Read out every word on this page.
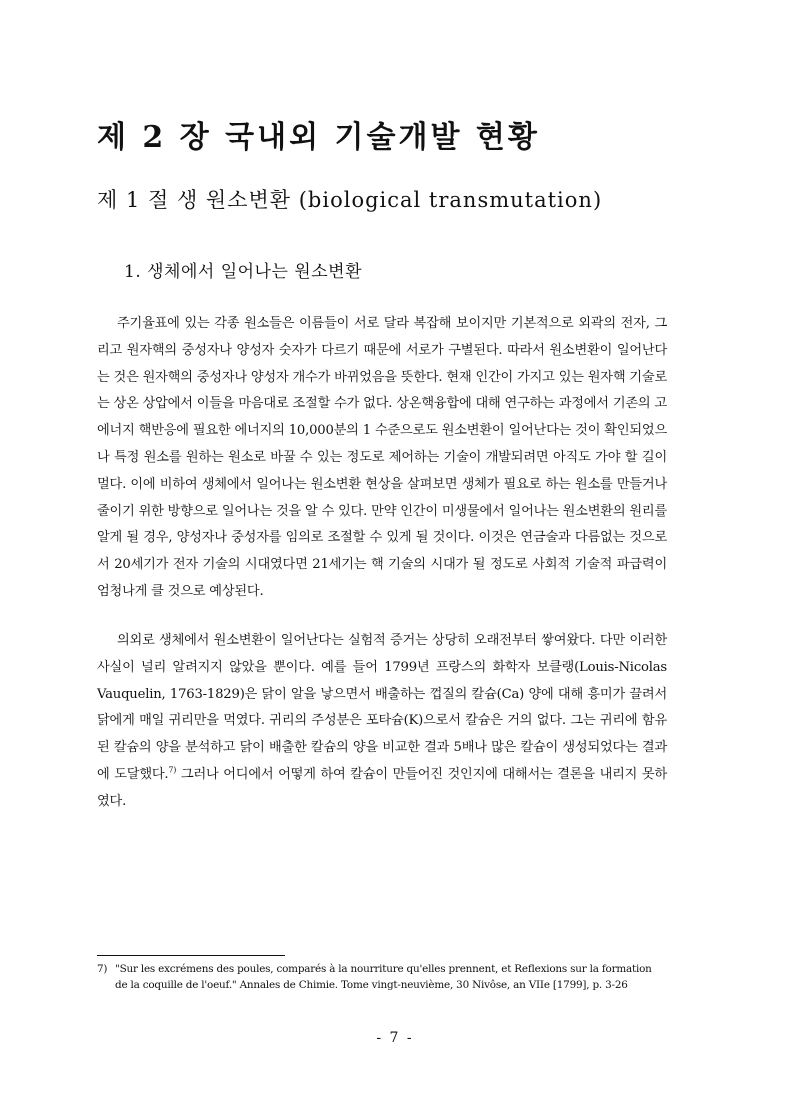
제 2 장 국내외 기술개발 현황
제 1 절 생 원소변환 (biological transmutation)
1. 생체에서 일어나는 원소변환

주기율표에 있는 각종 원소들은 이름들이 서로 달라 복잡해 보이지만 기본적으로 외곽의 전자, 그리고 원자핵의 중성자나 양성자 숫자가 다르기 때문에 서로가 구별된다. 따라서 원소변환이 일어난다는 것은 원자핵의 중성자나 양성자 개수가 바뀌었음을 뜻한다. 현재 인간이 가지고 있는 원자핵 기술로는 상온 상압에서 이들을 마음대로 조절할 수가 없다. 상온핵융합에 대해 연구하는 과정에서 기존의 고에너지 핵반응에 필요한 에너지의 10,000분의 1 수준으로도 원소변환이 일어난다는 것이 확인되었으나 특정 원소를 원하는 원소로 바꿀 수 있는 정도로 제어하는 기술이 개발되려면 아직도 가야 할 길이 멀다. 이에 비하여 생체에서 일어나는 원소변환 현상을 살펴보면 생체가 필요로 하는 원소를 만들거나 줄이기 위한 방향으로 일어나는 것을 알 수 있다. 만약 인간이 미생물에서 일어나는 원소변환의 원리를 알게 될 경우, 양성자나 중성자를 임의로 조절할 수 있게 될 것이다. 이것은 연금술과 다름없는 것으로서 20세기가 전자 기술의 시대였다면 21세기는 핵 기술의 시대가 될 정도로 사회적 기술적 파급력이 엄청나게 클 것으로 예상된다.

의외로 생체에서 원소변환이 일어난다는 실험적 증거는 상당히 오래전부터 쌓여왔다. 다만 이러한 사실이 널리 알려지지 않았을 뿐이다. 예를 들어 1799년 프랑스의 화학자 보클랭(Louis-Nicolas Vauquelin, 1763-1829)은 닭이 알을 낳으면서 배출하는 껍질의 칼슘(Ca) 양에 대해 흥미가 끌려서 닭에게 매일 귀리만을 먹였다. 귀리의 주성분은 포타슘(K)으로서 칼슘은 거의 없다. 그는 귀리에 함유된 칼슘의 양을 분석하고 닭이 배출한 칼슘의 양을 비교한 결과 5배나 많은 칼슘이 생성되었다는 결과에 도달했다.$^{7)}$ 그러나 어디에서 어떻게 하여 칼슘이 만들어진 것인지에 대해서는 결론을 내리지 못하였다.

7) "Sur les excrémens des poules, comparés à la nourriture qu'elles prennent, et Reflexions sur la formation de la coquille de l'oeuf." Annales de Chimie. Tome vingt-neuvième, 30 Nivôse, an VIIe [1799], p. 3-26

- 7 -
